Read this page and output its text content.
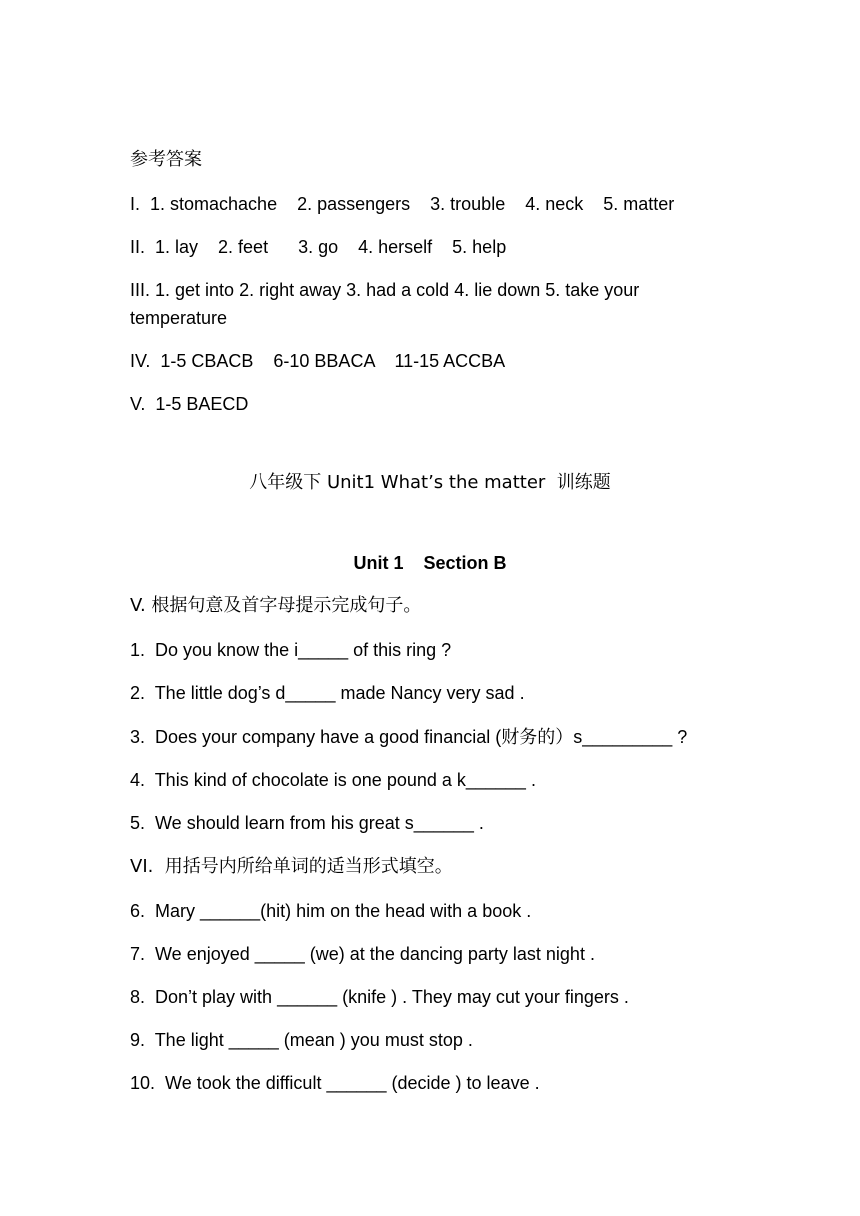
参考答案

I.  1. stomachache    2. passengers    3. trouble    4. neck    5. matter

II.  1. lay    2. feet      3. go    4. herself    5. help

III. 1. get into 2. right away 3. had a cold 4. lie down 5. take your temperature

IV.  1-5 CBACB    6-10 BBACA    11-15 ACCBA

V.  1-5 BAECD

八年级下 Unit1 What’s the matter  训练题

Unit 1    Section B

V. 根据句意及首字母提示完成句子。

1.  Do you know the i_____ of this ring ?

2.  The little dog’s d_____ made Nancy very sad .

3.  Does your company have a good financial (财务的）s_________ ?

4.  This kind of chocolate is one pound a k______ .

5.  We should learn from his great s______ .

VI.  用括号内所给单词的适当形式填空。

6.  Mary ______(hit) him on the head with a book .

7.  We enjoyed _____ (we) at the dancing party last night .

8.  Don’t play with ______ (knife ) . They may cut your fingers .

9.  The light _____ (mean ) you must stop .

10.  We took the difficult ______ (decide ) to leave .
